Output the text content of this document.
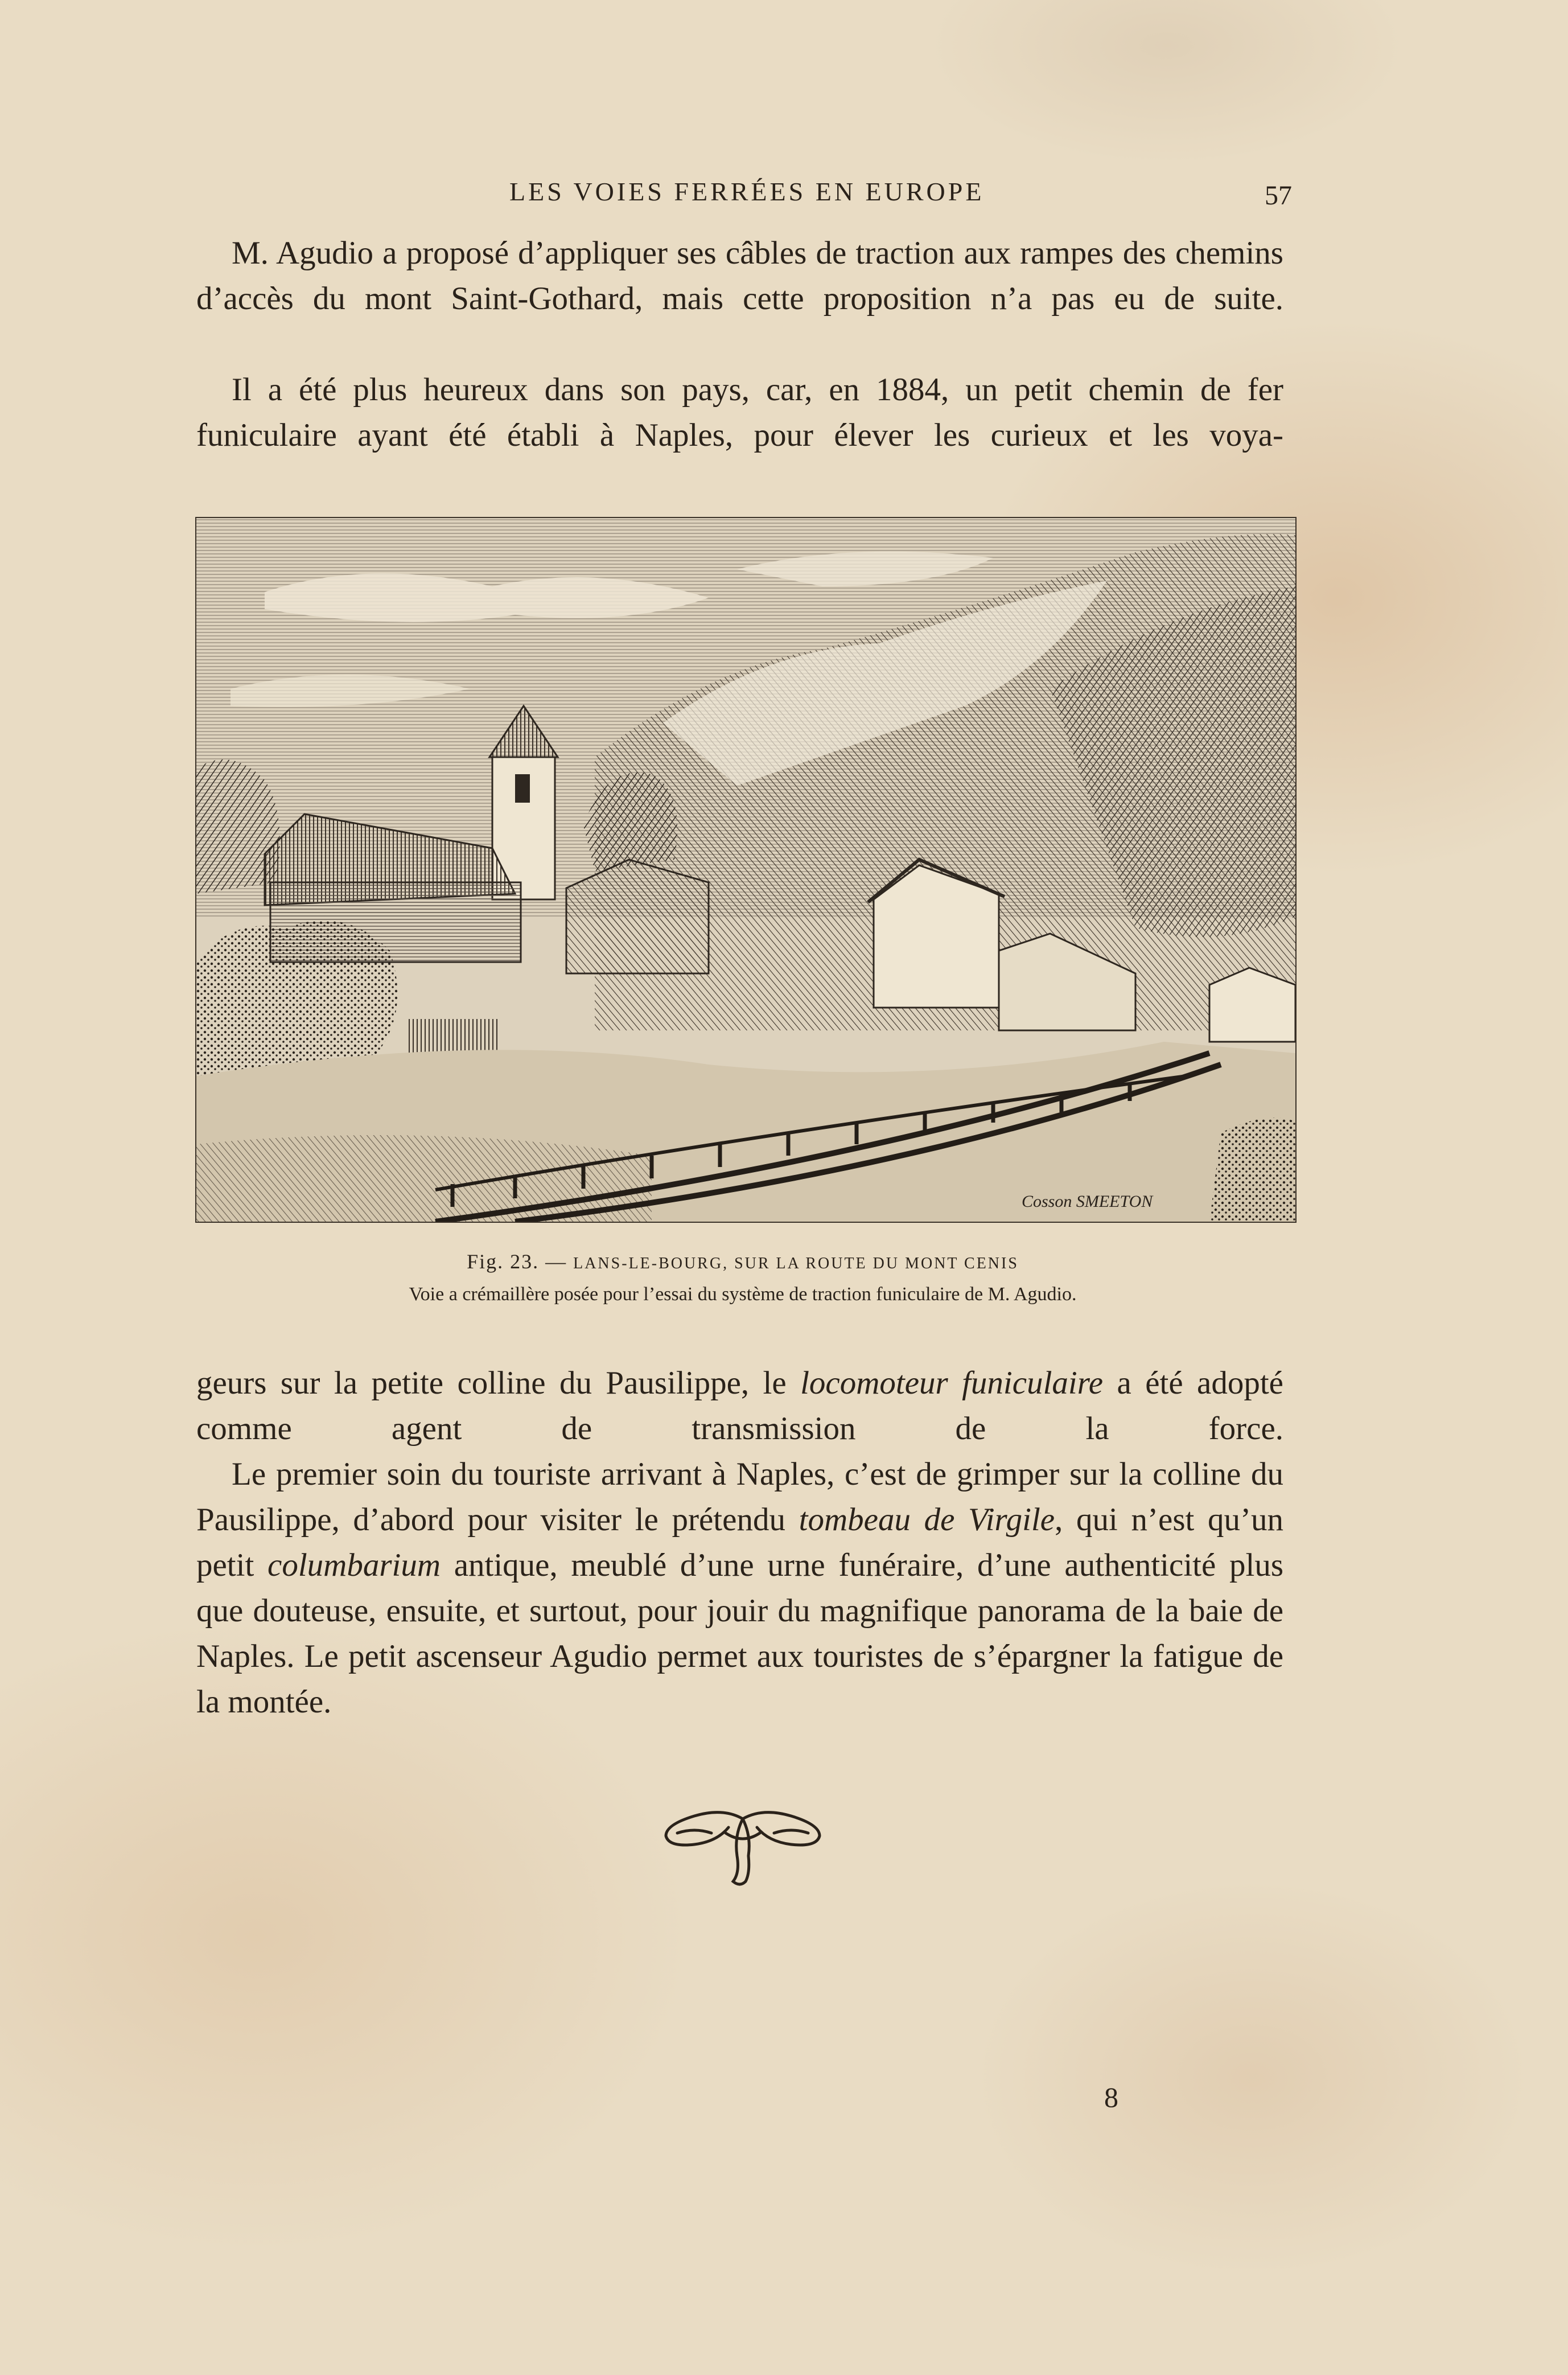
LES VOIES FERRÉES EN EUROPE	57
M. Agudio a proposé d’appliquer ses câbles de traction aux rampes des chemins d’accès du mont Saint-Gothard, mais cette proposition n’a pas eu de suite.
Il a été plus heureux dans son pays, car, en 1884, un petit chemin de fer funiculaire ayant été établi à Naples, pour élever les curieux et les voya-
Cosson SMEETON
Fig. 23. — LANS-LE-BOURG, SUR LA ROUTE DU MONT CENIS
Voie a crémaillère posée pour l’essai du système de traction funiculaire de M. Agudio.
geurs sur la petite colline du Pausilippe, le locomoteur funiculaire a été adopté comme agent de transmission de la force.
Le premier soin du touriste arrivant à Naples, c’est de grimper sur la colline du Pausilippe, d’abord pour visiter le prétendu tombeau de Virgile, qui n’est qu’un petit columbarium antique, meublé d’une urne funéraire, d’une authenticité plus que douteuse, ensuite, et surtout, pour jouir du magnifique panorama de la baie de Naples. Le petit ascenseur Agudio permet aux touristes de s’épargner la fatigue de la montée.
8
